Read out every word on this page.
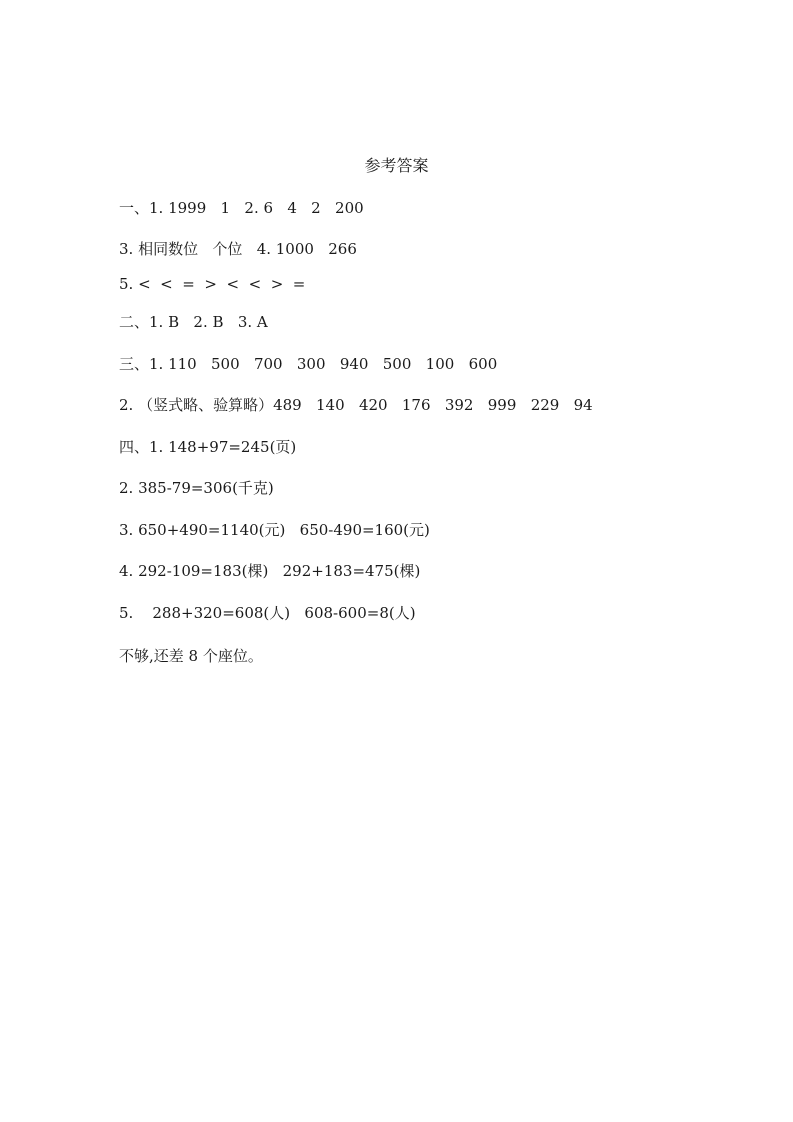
参考答案
一、1. 1999   1   2. 6   4   2   200
3. 相同数位   个位   4. 1000   266
5. <  <  =  >  <  <  >  =
二、1. B   2. B   3. A
三、1. 110   500   700   300   940   500   100   600
2. （竖式略、验算略）489   140   420   176   392   999   229   94
四、1. 148+97=245(页)
2. 385-79=306(千克)
3. 650+490=1140(元)   650-490=160(元)
4. 292-109=183(棵)   292+183=475(棵)
5.    288+320=608(人)   608-600=8(人)
不够,还差 8 个座位。
